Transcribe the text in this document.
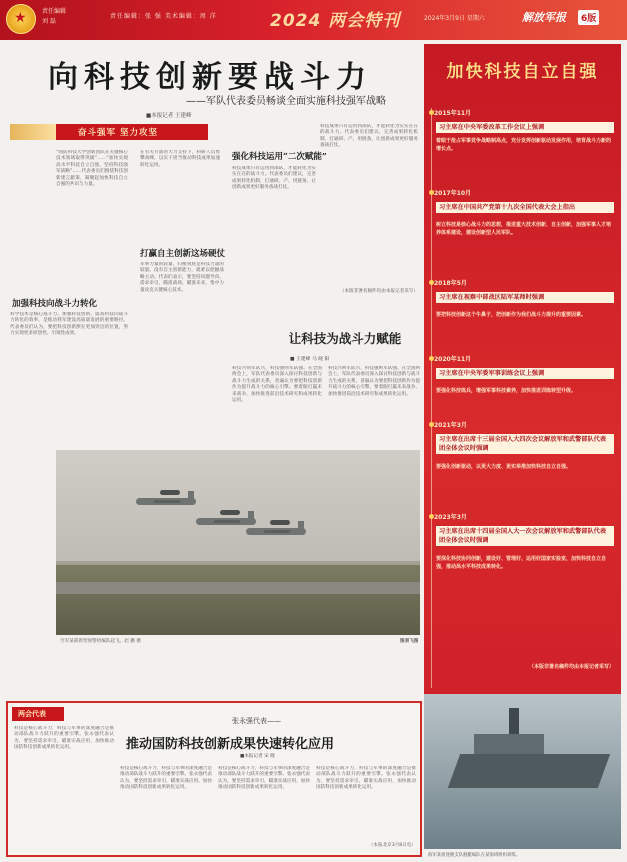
★
责任编辑
刘 磊
责任编辑：张 强 美术编辑：周 洋	2024 两会特刊	2024年3月9日 星期六	解放军报	6版
向科技创新要战斗力
——军队代表委员畅谈全面实施科技强军战略
■本报记者 王建峰
奋斗强军 坚力攻坚
“国防科技大学创新团队在关键核心技术领域取得突破”……“加快实现高水平科技自立自强，坚持科技强军战略”……代表委员们围绕科技创新建言献策，凝聚起加快科技自立自强的共识与力量。
加强科技向战斗力转化
科学技术是核心战斗力。加强科技创新，提高科技向战斗力转化的效率，是推动我军建设高质量发展的重要路径。代表委员们认为，要把科技创新摆在更加突出的位置，努力实现更多原创性、引领性成果。
在有关方面的大力支持下，科研人员勇攀高峰，以实干担当推动科技成果加速转化运用。
打赢自主创新这场硬仗
军事力量的较量，归根到底是科技力量的较量。没有自主创新能力，就难以把握战略主动。代表们表示，要坚持问题导向、需求牵引，瞄准战场、瞄准未来，集中力量攻克关键核心技术。
强化科技运用“二次赋能”
科技成果只有运用到部队，才能转化为实实在在的战斗力。代表委员们建议，完善成果转化机制，打通研、产、用链条，让创新成果更好服务备战打仗。
科技成果只有运用到部队，才能转化为实实在在的战斗力。代表委员们建议，完善成果转化机制，打通研、产、用链条，让创新成果更好服务备战打仗。
（本版非署名稿件均由本报记者采写）
让科技为战斗力赋能
■ 王建峰 马 晓 阳
科技兴则军队兴，科技强则军队强。在全国两会上，军队代表委员深入探讨科技创新与战斗力生成的关系，普遍认为要把科技创新作为提升战斗力的核心引擎。要着眼打赢未来战争，加快推进前沿技术研究和成果转化运用。
科技兴则军队兴，科技强则军队强。在全国两会上，军队代表委员深入探讨科技创新与战斗力生成的关系，普遍认为要把科技创新作为提升战斗力的核心引擎。要着眼打赢未来战争，加快推进前沿技术研究和成果转化运用。
空军某部新型预警机编队起飞。赵 鹏 摄	图表飞图
加快科技自立自强
2015年11月
习主席在中央军委改革工作会议上强调
着眼于抢占军事竞争战略制高点，充分发挥创新驱动发展作用，培育战斗力新的增长点。
2017年10月
习主席在中国共产党第十九次全国代表大会上指出
树立科技是核心战斗力的思想，推进重大技术创新、自主创新，加强军事人才培养体系建设，建设创新型人民军队。
2018年5月
习主席在视察中部战区陆军某师时强调
要把科技创新这个牛鼻子，把创新作为我们战斗力提升的重要因素。
2020年11月
习主席在中央军委军事训练会议上强调
要强化科技练兵，增强军事科技素养，加快推进训练转型升级。
2021年3月
习主席在出席十三届全国人大四次会议解放军和武警部队代表团全体会议时强调
要强化创新驱动，以更大力度、更实举措加快科技自立自强。
2023年3月
习主席在出席十四届全国人大一次会议解放军和武警部队代表团全体会议时强调
要深化科技协同创新，建设好、管理好、运用好国家实验室，加快科技自立自强，推动高水平科技成果转化。
（本版非署名稿件均由本报记者采写）
海军某驱逐舰支队舰艇编队在某海域组织训练。
两会代表
张永强代表——
推动国防科技创新成果快速转化应用
■本报记者 宋 晓
科技是核心战斗力，科技与军事的深度融合是推动部队战斗力跃升的重要引擎。张永强代表认为，要坚持需求牵引，瞄准实战应用，加快推动国防科技创新成果转化运用。
科技是核心战斗力，科技与军事的深度融合是推动部队战斗力跃升的重要引擎。张永强代表认为，要坚持需求牵引，瞄准实战应用，加快推动国防科技创新成果转化运用。
科技是核心战斗力，科技与军事的深度融合是推动部队战斗力跃升的重要引擎。张永强代表认为，要坚持需求牵引，瞄准实战应用，加快推动国防科技创新成果转化运用。
科技是核心战斗力，科技与军事的深度融合是推动部队战斗力跃升的重要引擎。张永强代表认为，要坚持需求牵引，瞄准实战应用，加快推动国防科技创新成果转化运用。
（本报北京3月8日电）
